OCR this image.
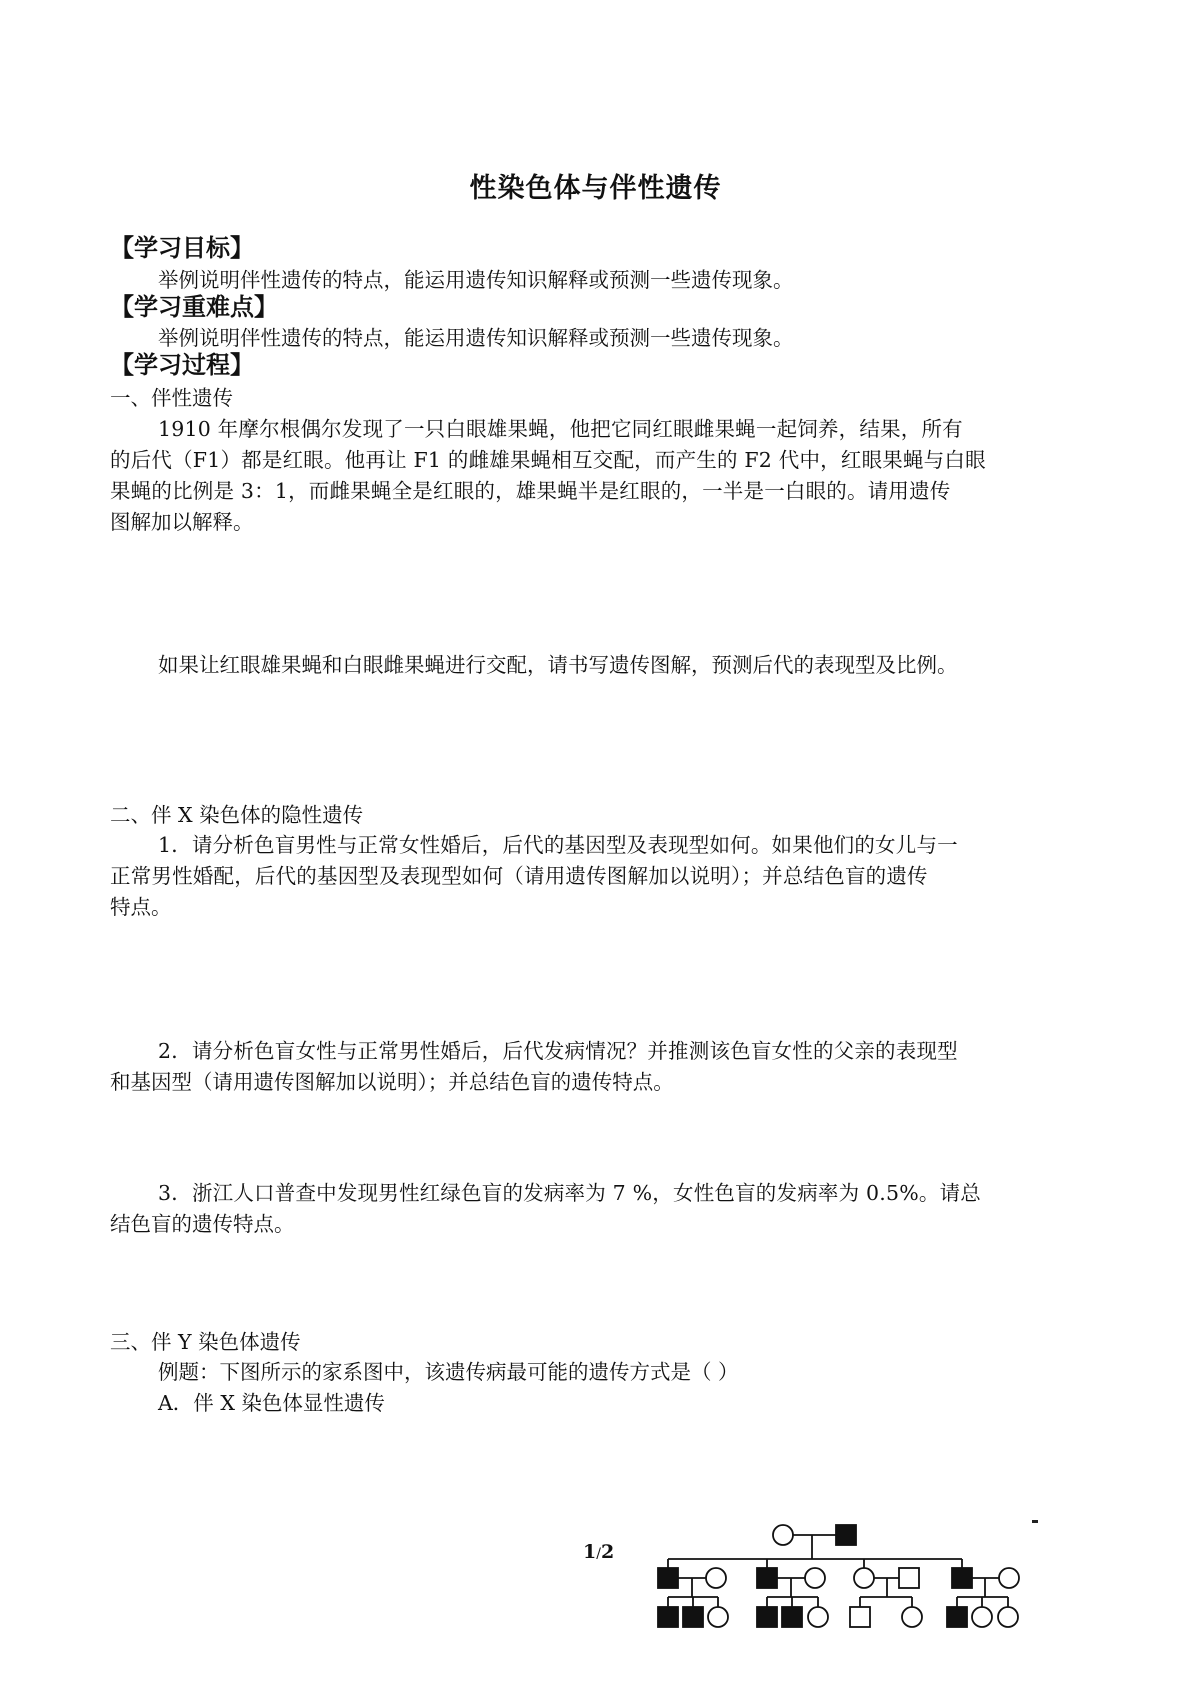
性染色体与伴性遗传
【学习目标】
举例说明伴性遗传的特点，能运用遗传知识解释或预测一些遗传现象。
【学习重难点】
举例说明伴性遗传的特点，能运用遗传知识解释或预测一些遗传现象。
【学习过程】
一、伴性遗传
1910 年摩尔根偶尔发现了一只白眼雄果蝇，他把它同红眼雌果蝇一起饲养，结果，所有
的后代（F1）都是红眼。他再让 F1 的雌雄果蝇相互交配，而产生的 F2 代中，红眼果蝇与白眼
果蝇的比例是 3：1，而雌果蝇全是红眼的，雄果蝇半是红眼的，一半是一白眼的。请用遗传
图解加以解释。
如果让红眼雄果蝇和白眼雌果蝇进行交配，请书写遗传图解，预测后代的表现型及比例。
二、伴 X 染色体的隐性遗传
1．请分析色盲男性与正常女性婚后，后代的基因型及表现型如何。如果他们的女儿与一
正常男性婚配，后代的基因型及表现型如何（请用遗传图解加以说明）；并总结色盲的遗传
特点。
2．请分析色盲女性与正常男性婚后，后代发病情况？并推测该色盲女性的父亲的表现型
和基因型（请用遗传图解加以说明）；并总结色盲的遗传特点。
3．浙江人口普查中发现男性红绿色盲的发病率为 7 %，女性色盲的发病率为 0.5%。请总
结色盲的遗传特点。
三、伴 Y 染色体遗传
例题：下图所示的家系图中，该遗传病最可能的遗传方式是（ ）
A．伴 X 染色体显性遗传
1/2
